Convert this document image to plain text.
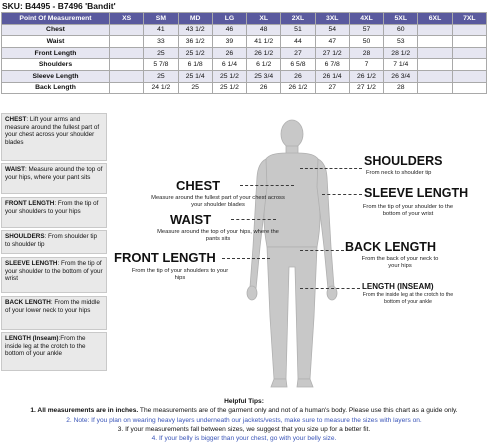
SKU: B4495 - B7496 'Bandit'
Point Of Measurement	XS	SM	MD	LG	XL	2XL	3XL	4XL	5XL	6XL	7XL
Chest		41	43 1/2	46	48	51	54	57	60		
Waist		33	36 1/2	39	41 1/2	44	47	50	53		
Front Length		25	25 1/2	26	26 1/2	27	27 1/2	28	28 1/2		
Shoulders		5 7/8	6 1/8	6 1/4	6 1/2	6 5/8	6 7/8	7	7 1/4		
Sleeve Length		25	25 1/4	25 1/2	25 3/4	26	26 1/4	26 1/2	26 3/4		
Back Length		24 1/2	25	25 1/2	26	26 1/2	27	27 1/2	28		
CHEST: Lift your arms and measure around the fullest part of your chest across your shoulder blades
WAIST: Measure around the top of your hips, where your pant sits
FRONT LENGTH: From the tip of your shoulders to your hips
SHOULDERS: From shoulder tip to shoulder tip
SLEEVE LENGTH: From the tip of your shoulder to the bottom of your wrist
BACK LENGTH: From the middle of your lower neck to your hips
LENGTH (Inseam):From the inside leg at the crotch to the bottom of your ankle
CHEST
Measure around the fullest part of your chest across your shoulder blades
WAIST
Measure around the top of your hips, where the pants sits
FRONT LENGTH
From the tip of your shoulders to your hips
SHOULDERS
From neck to shoulder tip
SLEEVE LENGTH
From the tip of your shoulder to the bottom of your wrist
BACK LENGTH
From the back of your neck to your hips
LENGTH (INSEAM)
From the inside leg at the crotch to the bottom of your ankle
Helpful Tips:
1. All measurements are in inches. The measurements are of the garment only and not of a human's body. Please use this chart as a guide only.
2. Note: If you plan on wearing heavy layers underneath our jackets/vests, make sure to measure the sizes with layers on.
3. If your measurements fall between sizes, we suggest that you size up for a better fit.
4. If your belly is bigger than your chest, go with your belly size.
